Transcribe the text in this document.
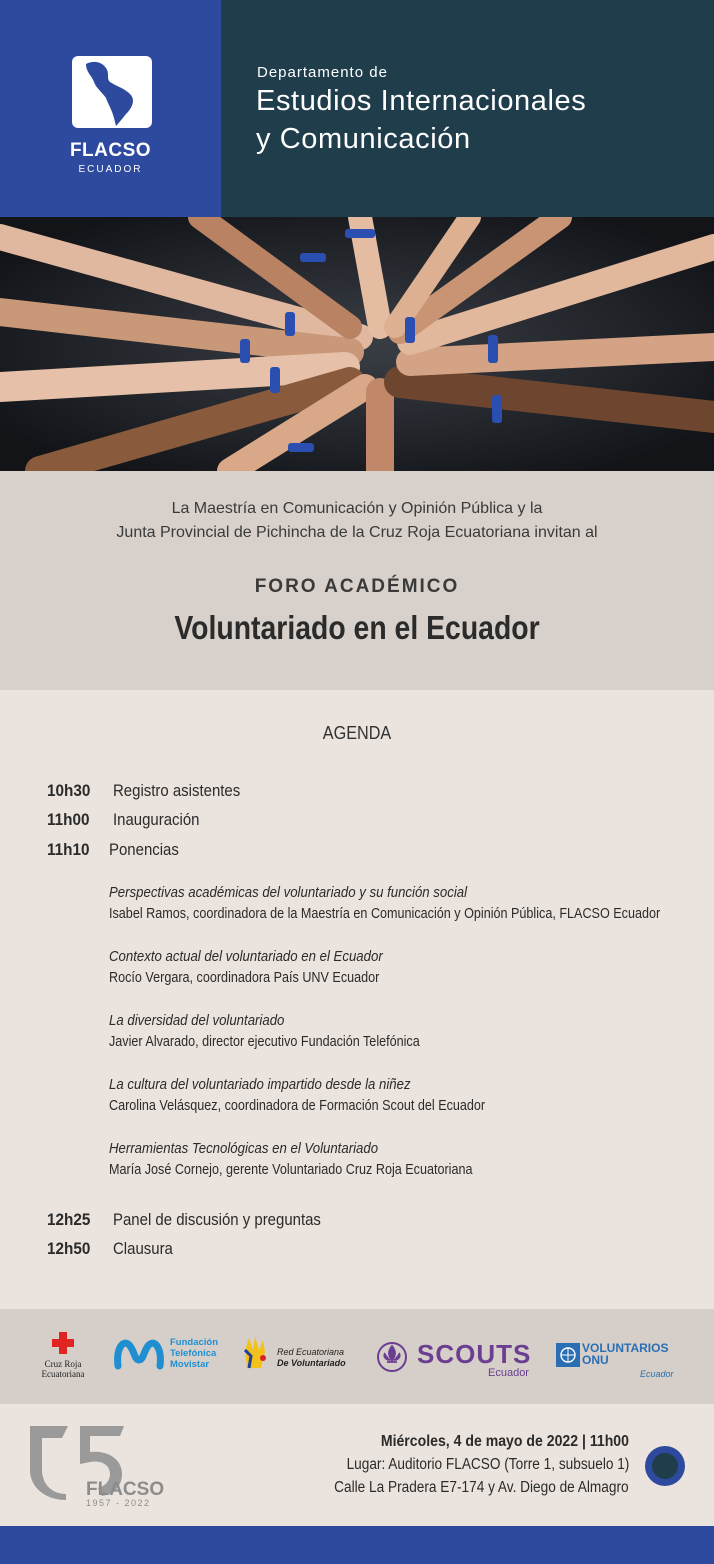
FLACSO
ECUADOR
Departamento de
Estudios Internacionales
y Comunicación
La Maestría en Comunicación y Opinión Pública y la
Junta Provincial de Pichincha de la Cruz Roja Ecuatoriana invitan al
FORO ACADÉMICO
Voluntariado en el Ecuador
AGENDA
10h30 Registro asistentes
11h00 Inauguración
11h10 Ponencias
Perspectivas académicas del voluntariado y su función social
Isabel Ramos, coordinadora de la Maestría en Comunicación y Opinión Pública, FLACSO Ecuador
Contexto actual del voluntariado en el Ecuador
Rocío Vergara, coordinadora País UNV Ecuador
La diversidad del voluntariado
Javier Alvarado, director ejecutivo Fundación Telefónica
La cultura del voluntariado impartido desde la niñez
Carolina Velásquez, coordinadora de Formación Scout del Ecuador
Herramientas Tecnológicas en el Voluntariado
María José Cornejo, gerente Voluntariado Cruz Roja Ecuatoriana
12h25 Panel de discusión y preguntas
12h50 Clausura
Cruz Roja Ecuatoriana
Fundación
Telefónica
Movistar
Red Ecuatoriana
De Voluntariado	SCOUTS
Ecuador
VOLUNTARIOS
ONU
Ecuador
FLACSO
1957 - 2022
Miércoles, 4 de mayo de 2022 | 11h00
Lugar: Auditorio FLACSO (Torre 1, subsuelo 1)
Calle La Pradera E7-174 y Av. Diego de Almagro
